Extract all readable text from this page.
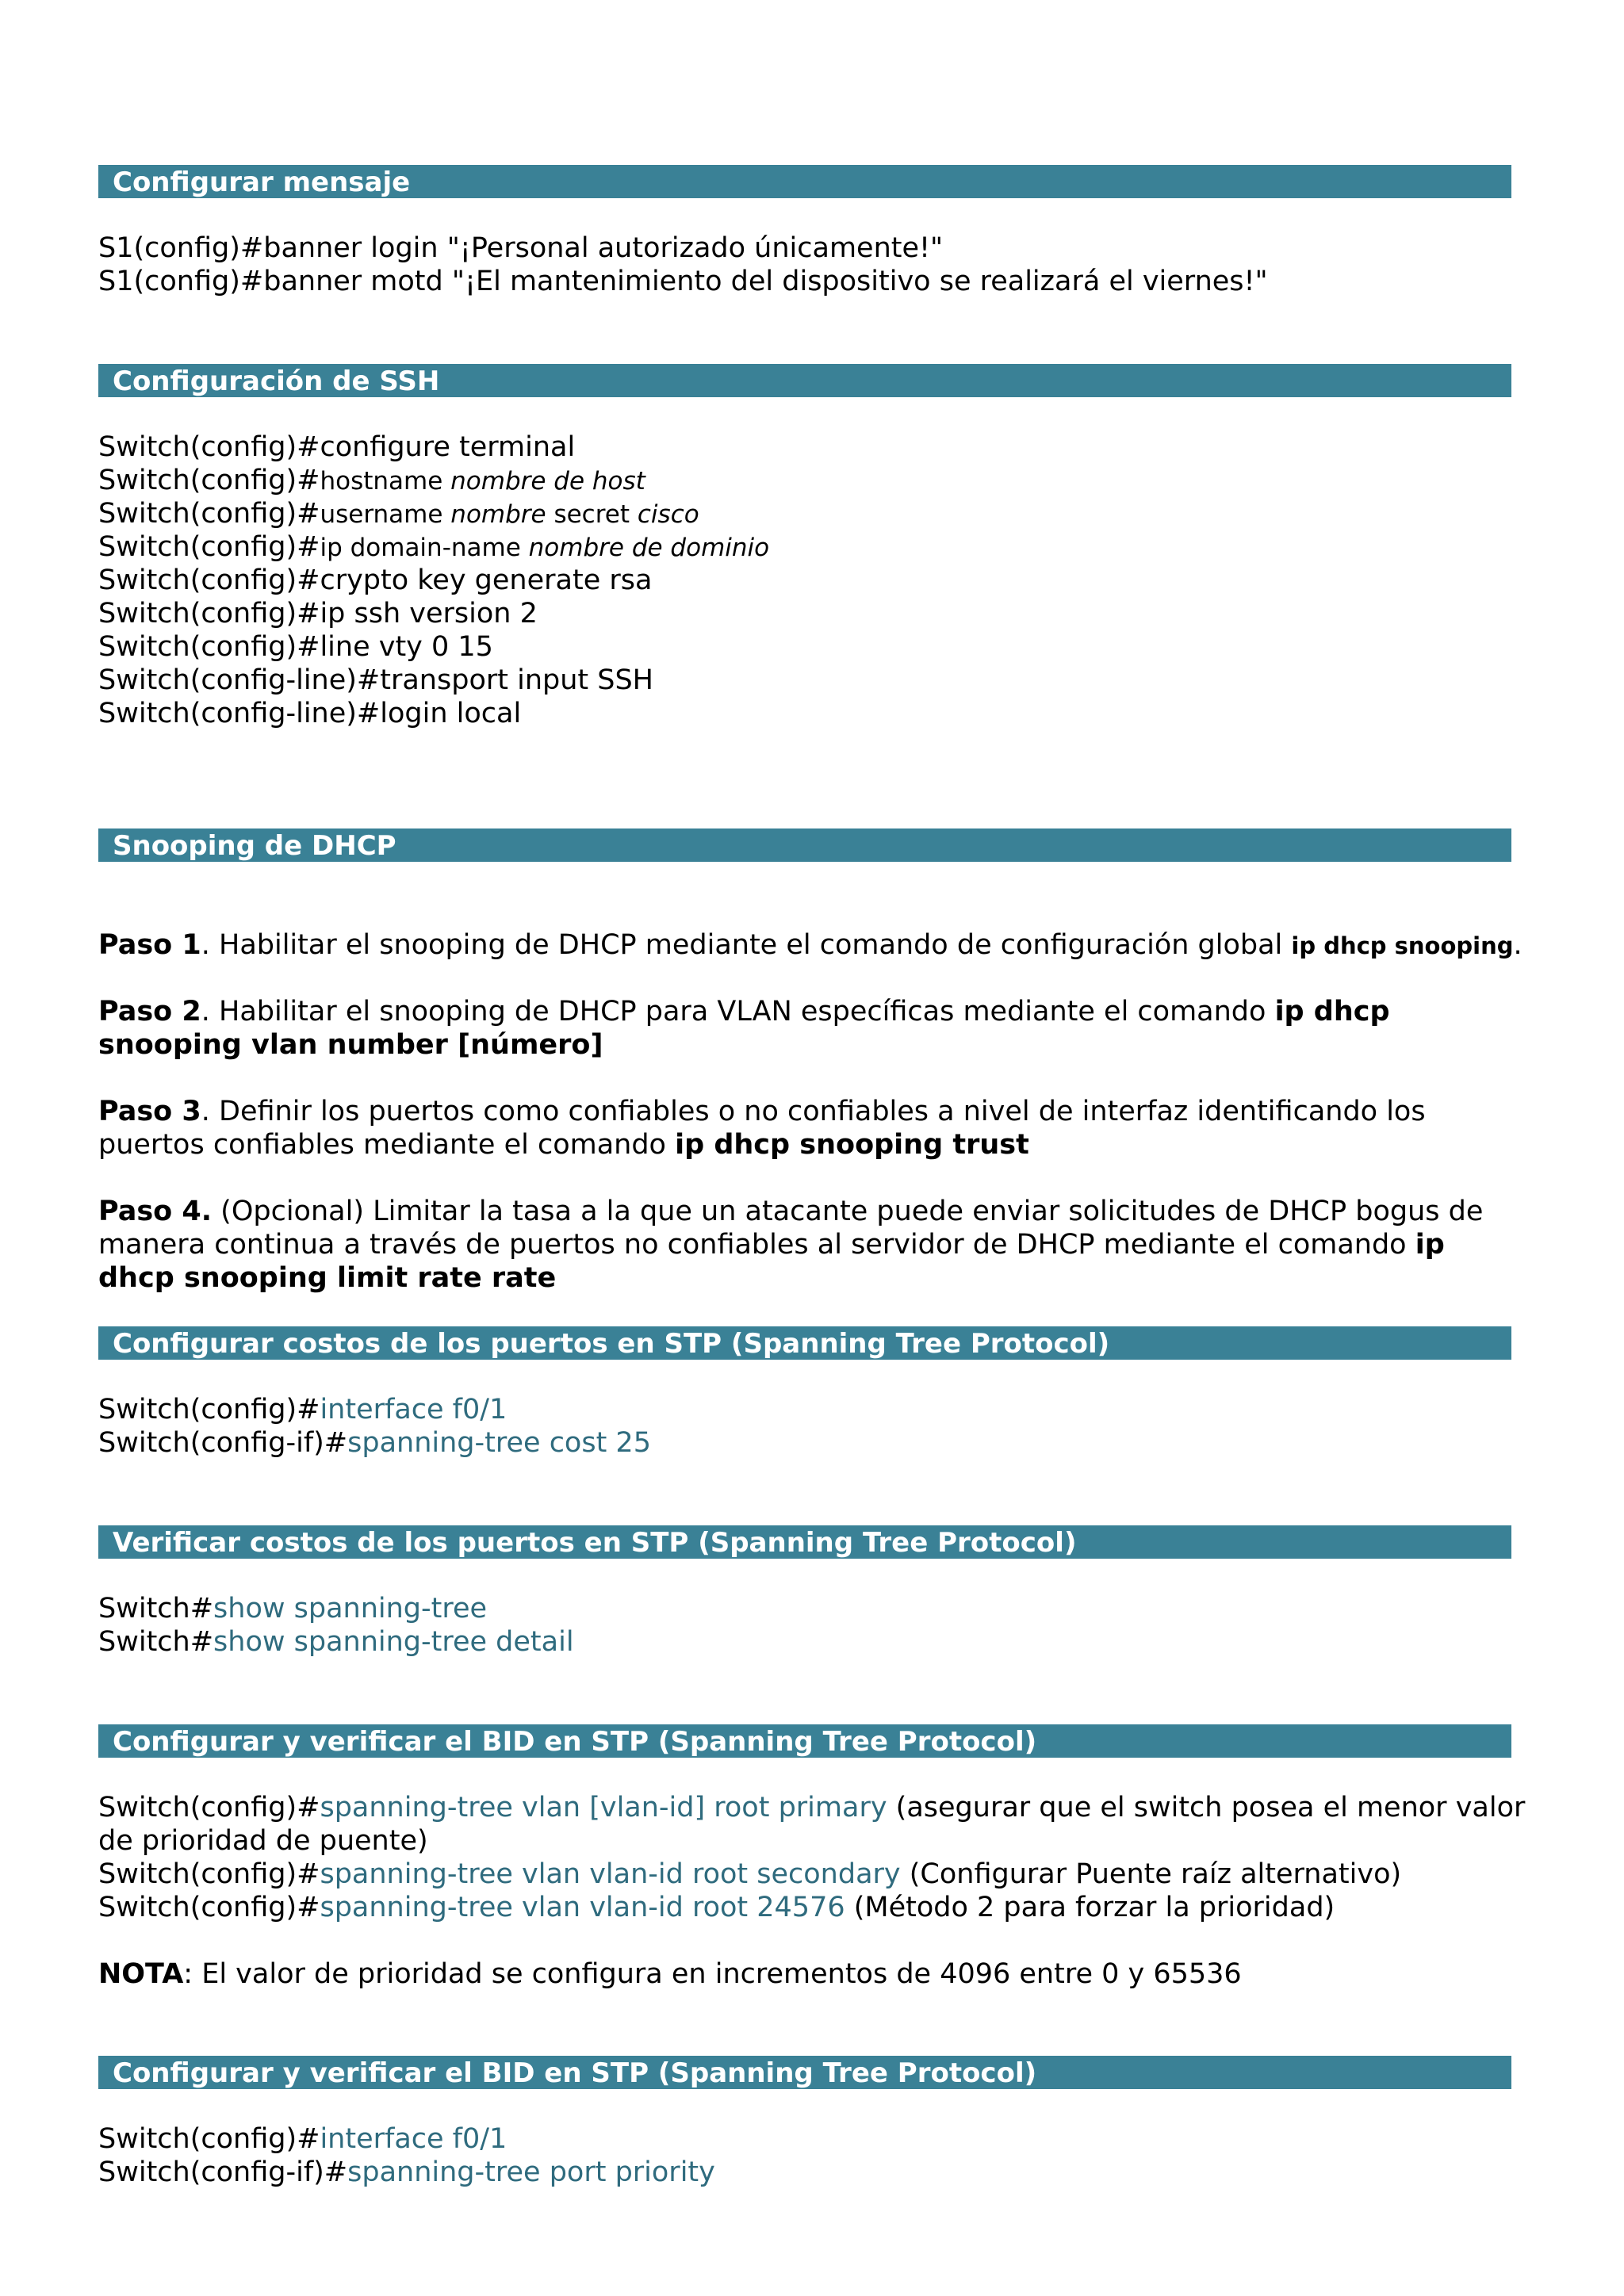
Configurar mensaje
S1(config)#banner login "¡Personal autorizado únicamente!"
S1(config)#banner motd "¡El mantenimiento del dispositivo se realizará el viernes!"
Configuración de SSH
Switch(config)#configure terminal
Switch(config)#hostname nombre de host
Switch(config)#username nombre secret cisco
Switch(config)#ip domain-name nombre de dominio
Switch(config)#crypto key generate rsa
Switch(config)#ip ssh version 2
Switch(config)#line vty 0 15
Switch(config-line)#transport input SSH
Switch(config-line)#login local
Snooping de DHCP
Paso 1. Habilitar el snooping de DHCP mediante el comando de configuración global ip dhcp snooping.
Paso 2. Habilitar el snooping de DHCP para VLAN específicas mediante el comando ip dhcp snooping vlan number [número]
Paso 3. Definir los puertos como confiables o no confiables a nivel de interfaz identificando los puertos confiables mediante el comando ip dhcp snooping trust
Paso 4. (Opcional) Limitar la tasa a la que un atacante puede enviar solicitudes de DHCP bogus de manera continua a través de puertos no confiables al servidor de DHCP mediante el comando ip dhcp snooping limit rate rate
Configurar costos de los puertos en STP (Spanning Tree Protocol)
Switch(config)#interface f0/1
Switch(config-if)#spanning-tree cost 25
Verificar costos de los puertos en STP (Spanning Tree Protocol)
Switch#show spanning-tree
Switch#show spanning-tree detail
Configurar y verificar el BID en STP (Spanning Tree Protocol)
Switch(config)#spanning-tree vlan [vlan-id] root primary (asegurar que el switch posea el menor valor de prioridad de puente)
Switch(config)#spanning-tree vlan vlan-id root secondary (Configurar Puente raíz alternativo)
Switch(config)#spanning-tree vlan vlan-id root 24576 (Método 2 para forzar la prioridad)
NOTA: El valor de prioridad se configura en incrementos de 4096 entre 0 y 65536
Configurar y verificar el BID en STP (Spanning Tree Protocol)
Switch(config)#interface f0/1
Switch(config-if)#spanning-tree port priority
